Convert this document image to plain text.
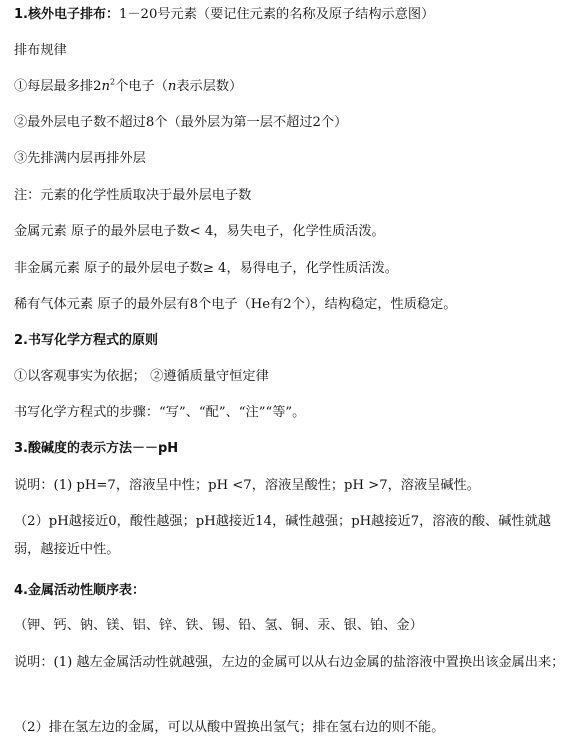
1.核外电子排布：1－20号元素（要记住元素的名称及原子结构示意图）
排布规律
①每层最多排$2n^2$个电子（n表示层数）
②最外层电子数不超过8个（最外层为第一层不超过2个）
③先排满内层再排外层
注：元素的化学性质取决于最外层电子数
金属元素 原子的最外层电子数< 4，易失电子，化学性质活泼。
非金属元素 原子的最外层电子数≥ 4，易得电子，化学性质活泼。
稀有气体元素 原子的最外层有8个电子（He有2个），结构稳定，性质稳定。
2.书写化学方程式的原则
①以客观事实为依据； ②遵循质量守恒定律
书写化学方程式的步骤：“写”、“配”、“注”“等”。
3.酸碱度的表示方法－－pH
说明：(1) pH=7，溶液呈中性；pH <7，溶液呈酸性；pH >7，溶液呈碱性。
（2）pH越接近0，酸性越强；pH越接近14，碱性越强；pH越接近7，溶液的酸、碱性就越弱，越接近中性。
4.金属活动性顺序表：
（钾、钙、钠、镁、铝、锌、铁、锡、铅、氢、铜、汞、银、铂、金）
说明：(1) 越左金属活动性就越强，左边的金属可以从右边金属的盐溶液中置换出该金属出来；
（2）排在氢左边的金属，可以从酸中置换出氢气；排在氢右边的则不能。
